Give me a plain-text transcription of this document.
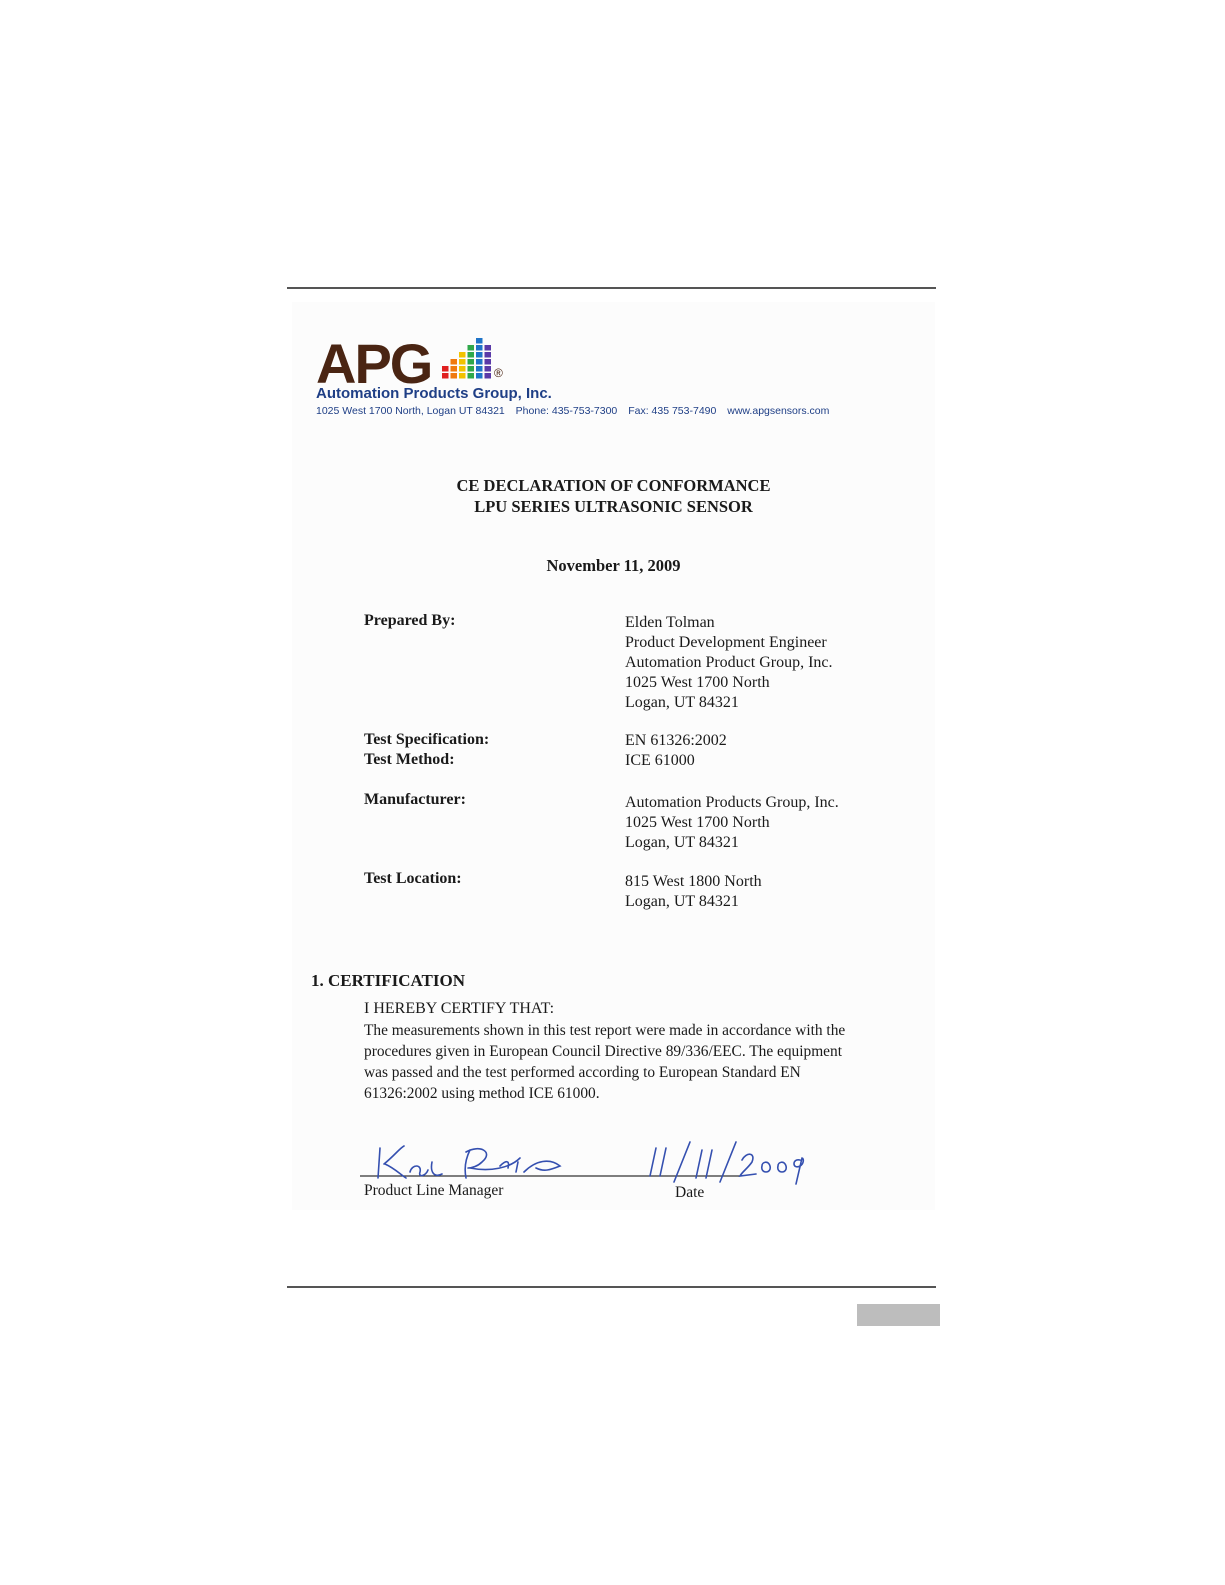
APG	®
Automation Products Group, Inc.
1025 West 1700 North, Logan UT 84321 Phone: 435-753-7300 Fax: 435 753-7490 www.apgsensors.com
CE DECLARATION OF CONFORMANCE
LPU SERIES ULTRASONIC SENSOR
November 11, 2009
Prepared By:	Elden Tolman
Product Development Engineer
Automation Product Group, Inc.
1025 West 1700 North
Logan, UT 84321
Test Specification:	EN 61326:2002
Test Method:	ICE 61000
Manufacturer:	Automation Products Group, Inc.
1025 West 1700 North
Logan, UT 84321
Test Location:	815 West 1800 North
Logan, UT 84321
1. CERTIFICATION
I HEREBY CERTIFY THAT:
The measurements shown in this test report were made in accordance with the
procedures given in European Council Directive 89/336/EEC. The equipment
was passed and the test performed according to European Standard EN
61326:2002 using method ICE 61000.
Product Line Manager	Date
